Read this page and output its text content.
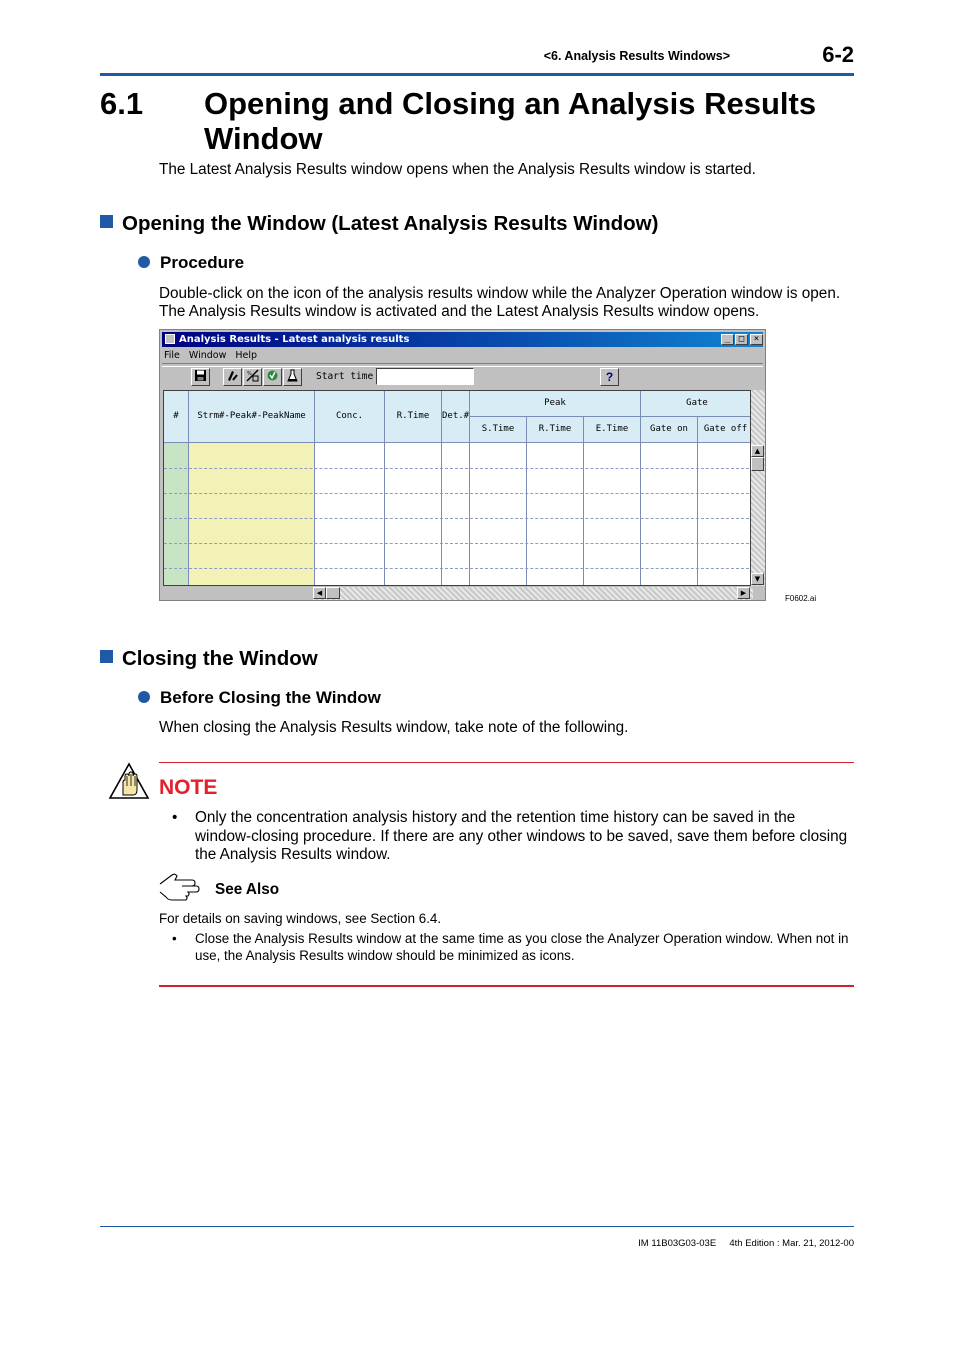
<6. Analysis Results Windows>	6-2
6.1 Opening and Closing an Analysis Results Window
The Latest Analysis Results window opens when the Analysis Results window is started.
Opening the Window (Latest Analysis Results Window)
Procedure
Double-click on the icon of the analysis results window while the Analyzer Operation window is open. The Analysis Results window is activated and the Latest Analysis Results window opens.
Analysis Results - Latest analysis results	_ □	×
File Window Help
%	Start time	?
#	Strm#-Peak#-PeakName	Conc.	R.Time	Det.#
Peak	Gate
S.Time	R.Time	E.Time	Gate on	Gate off
▲
▼
◀	▶
F0602.ai
Closing the Window
Before Closing the Window
When closing the Analysis Results window, take note of the following.
NOTE
• Only the concentration analysis history and the retention time history can be saved in the window-closing procedure. If there are any other windows to be saved, save them before closing the Analysis Results window.
See Also
For details on saving windows, see Section 6.4.
• Close the Analysis Results window at the same time as you close the Analyzer Operation window. When not in use, the Analysis Results window should be minimized as icons.
IM 11B03G03-03E 4th Edition : Mar. 21, 2012-00
